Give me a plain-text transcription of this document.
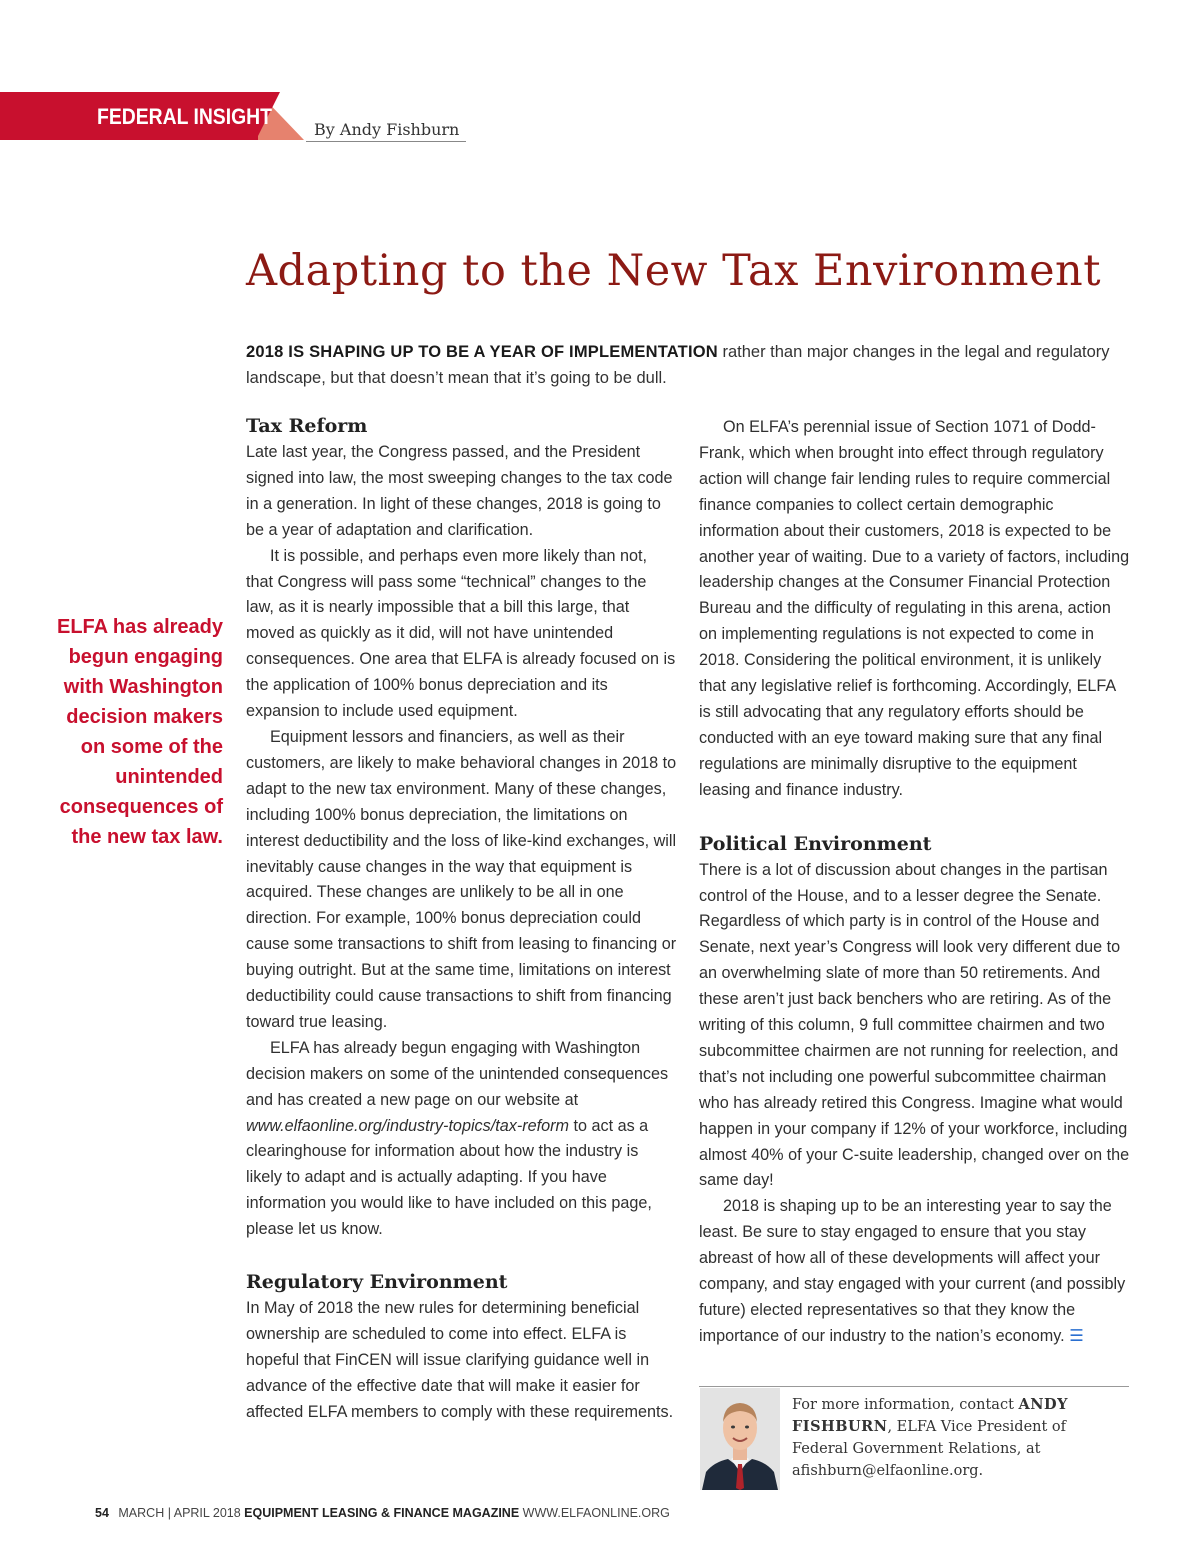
FEDERAL INSIGHT
By Andy Fishburn
Adapting to the New Tax Environment
2018 IS SHAPING UP TO BE A YEAR OF IMPLEMENTATION rather than major changes in the legal and regulatory landscape, but that doesn’t mean that it’s going to be dull.
ELFA has already begun engaging with Washington decision makers on some of the unintended consequences of the new tax law.
Tax Reform

Late last year, the Congress passed, and the President signed into law, the most sweeping changes to the tax code in a generation. In light of these changes, 2018 is going to be a year of adaptation and clarification.

It is possible, and perhaps even more likely than not, that Congress will pass some “technical” changes to the law, as it is nearly impossible that a bill this large, that moved as quickly as it did, will not have unintended consequences. One area that ELFA is already focused on is the application of 100% bonus depreciation and its expansion to include used equipment.

Equipment lessors and financiers, as well as their customers, are likely to make behavioral changes in 2018 to adapt to the new tax environment. Many of these changes, including 100% bonus depreciation, the limitations on interest deductibility and the loss of like-kind exchanges, will inevitably cause changes in the way that equipment is acquired. These changes are unlikely to be all in one direction. For example, 100% bonus depreciation could cause some transactions to shift from leasing to financing or buying outright. But at the same time, limitations on interest deductibility could cause transactions to shift from financing toward true leasing.

ELFA has already begun engaging with Washington decision makers on some of the unintended consequences and has created a new page on our website at www.elfaonline.org/industry-topics/tax-reform to act as a clearinghouse for information about how the industry is likely to adapt and is actually adapting. If you have information you would like to have included on this page, please let us know.

Regulatory Environment

In May of 2018 the new rules for determining beneficial ownership are scheduled to come into effect. ELFA is hopeful that FinCEN will issue clarifying guidance well in advance of the effective date that will make it easier for affected ELFA members to comply with these requirements.

On ELFA’s perennial issue of Section 1071 of Dodd-Frank, which when brought into effect through regulatory action will change fair lending rules to require commercial finance companies to collect certain demographic information about their customers, 2018 is expected to be another year of waiting. Due to a variety of factors, including leadership changes at the Consumer Financial Protection Bureau and the difficulty of regulating in this arena, action on implementing regulations is not expected to come in 2018. Considering the political environment, it is unlikely that any legislative relief is forthcoming. Accordingly, ELFA is still advocating that any regulatory efforts should be conducted with an eye toward making sure that any final regulations are minimally disruptive to the equipment leasing and finance industry.

Political Environment

There is a lot of discussion about changes in the partisan control of the House, and to a lesser degree the Senate. Regardless of which party is in control of the House and Senate, next year’s Congress will look very different due to an overwhelming slate of more than 50 retirements. And these aren’t just back benchers who are retiring. As of the writing of this column, 9 full committee chairmen and two subcommittee chairmen are not running for reelection, and that’s not including one powerful subcommittee chairman who has already retired this Congress. Imagine what would happen in your company if 12% of your workforce, including almost 40% of your C-suite leadership, changed over on the same day!

2018 is shaping up to be an interesting year to say the least. Be sure to stay engaged to ensure that you stay abreast of how all of these developments will affect your company, and stay engaged with your current (and possibly future) elected representatives so that they know the importance of our industry to the nation’s economy. ☰

For more information, contact ANDY FISHBURN, ELFA Vice President of Federal Government Relations, at afishburn@elfaonline.org.
54 MARCH | APRIL 2018 EQUIPMENT LEASING & FINANCE MAGAZINE WWW.ELFAONLINE.ORG
